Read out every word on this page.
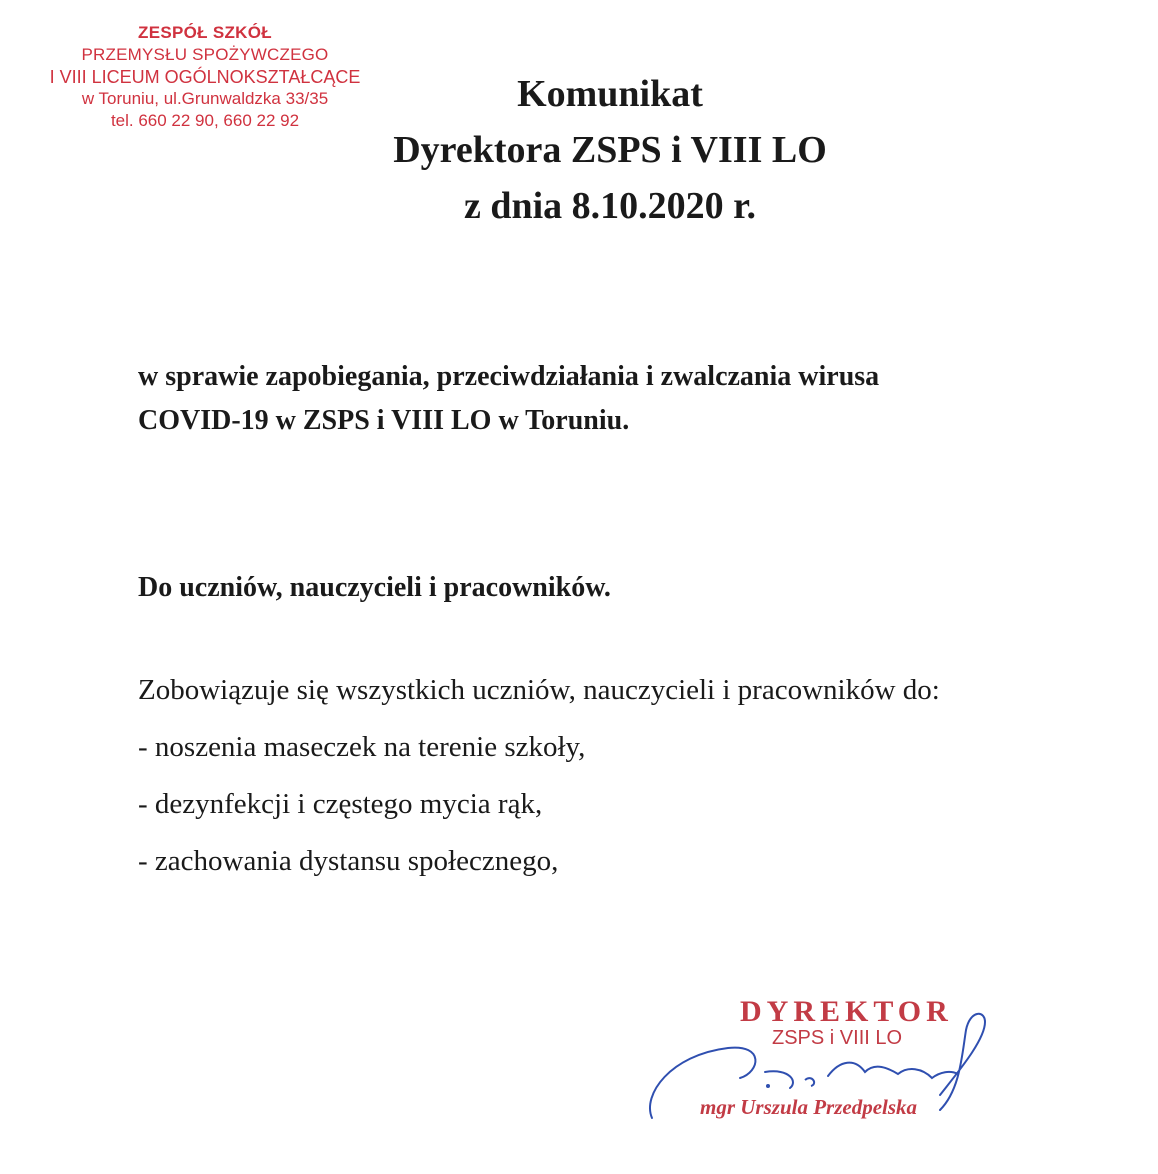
ZESPÓŁ SZKÓŁ
PRZEMYSŁU SPOŻYWCZEGO
I VIII LICEUM OGÓLNOKSZTAŁCĄCE
w Toruniu, ul.Grunwaldzka 33/35
tel. 660 22 90, 660 22 92
Komunikat
Dyrektora ZSPS i VIII LO
z dnia 8.10.2020 r.
w sprawie zapobiegania, przeciwdziałania i zwalczania wirusa
COVID-19 w ZSPS i VIII LO w Toruniu.
Do uczniów, nauczycieli i pracowników.
Zobowiązuje się wszystkich uczniów, nauczycieli i pracowników do:
- noszenia maseczek na terenie szkoły,
- dezynfekcji i częstego mycia rąk,
- zachowania dystansu społecznego,
DYREKTOR
ZSPS i VIII LO
mgr Urszula Przedpelska
